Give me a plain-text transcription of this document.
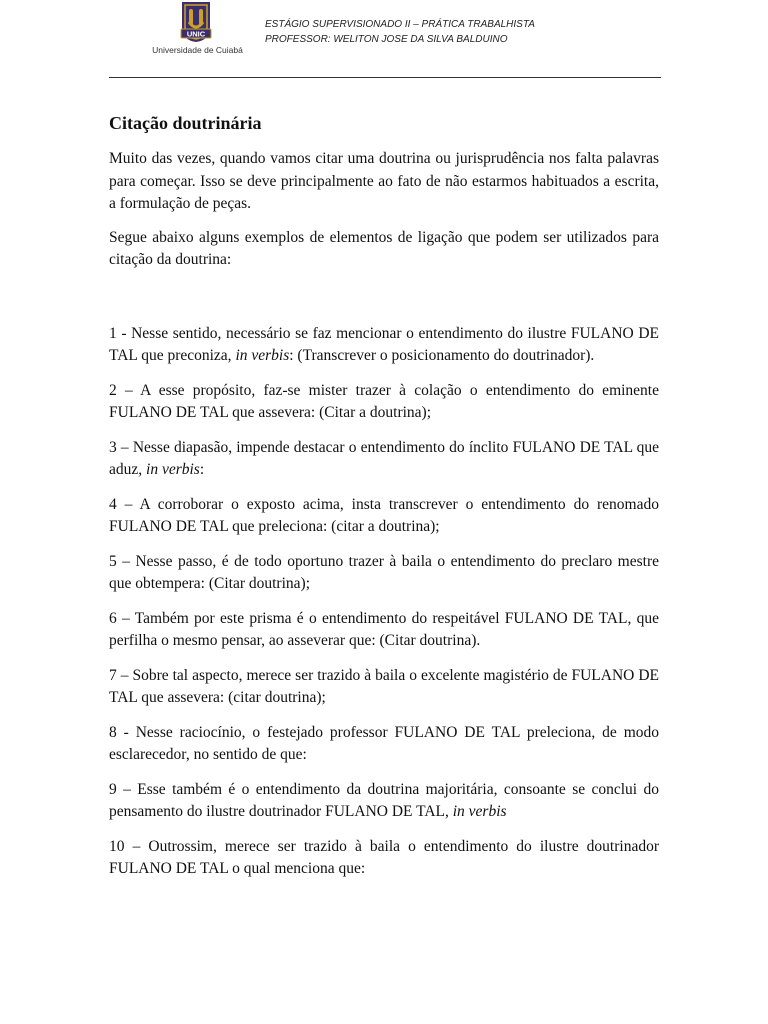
UNIC
Universidade de Cuiabá
ESTÁGIO SUPERVISIONADO II – PRÁTICA TRABALHISTA
PROFESSOR: WELITON JOSE DA SILVA BALDUINO
Citação doutrinária

Muito das vezes, quando vamos citar uma doutrina ou jurisprudência nos falta palavras para começar. Isso se deve principalmente ao fato de não estarmos habituados a escrita, a formulação de peças.

Segue abaixo alguns exemplos de elementos de ligação que podem ser utilizados para citação da doutrina:

1 - Nesse sentido, necessário se faz mencionar o entendimento do ilustre FULANO DE TAL que preconiza, in verbis: (Transcrever o posicionamento do doutrinador).

2 – A esse propósito, faz-se mister trazer à colação o entendimento do eminente FULANO DE TAL que assevera: (Citar a doutrina);

3 – Nesse diapasão, impende destacar o entendimento do ínclito FULANO DE TAL que aduz, in verbis:

4 – A corroborar o exposto acima, insta transcrever o entendimento do renomado FULANO DE TAL que preleciona: (citar a doutrina);

5 – Nesse passo, é de todo oportuno trazer à baila o entendimento do preclaro mestre que obtempera: (Citar doutrina);

6 – Também por este prisma é o entendimento do respeitável FULANO DE TAL, que perfilha o mesmo pensar, ao asseverar que: (Citar doutrina).

7 – Sobre tal aspecto, merece ser trazido à baila o excelente magistério de FULANO DE TAL que assevera: (citar doutrina);

8 - Nesse raciocínio, o festejado professor FULANO DE TAL preleciona, de modo esclarecedor, no sentido de que:

9 – Esse também é o entendimento da doutrina majoritária, consoante se conclui do pensamento do ilustre doutrinador FULANO DE TAL, in verbis

10 – Outrossim, merece ser trazido à baila o entendimento do ilustre doutrinador FULANO DE TAL o qual menciona que:
